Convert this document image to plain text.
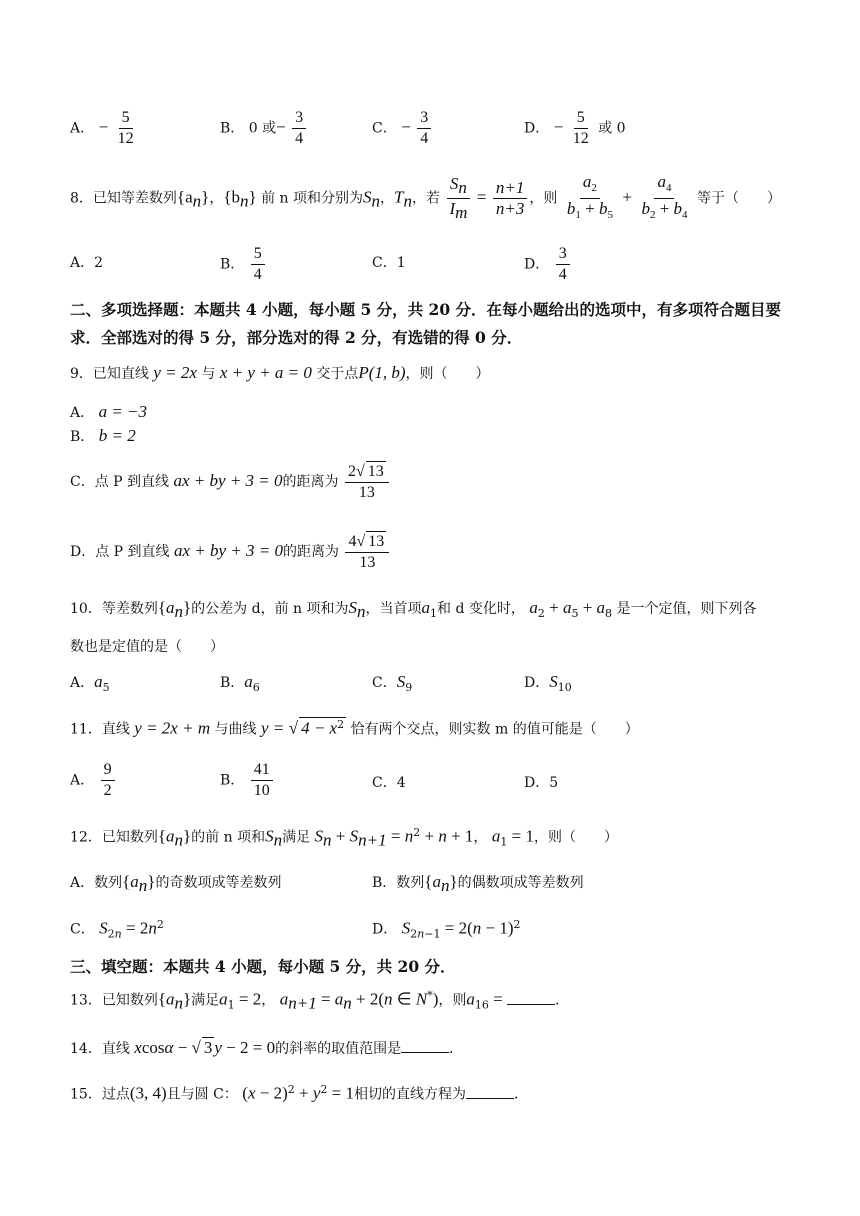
A． − $\frac{5}{12}$	B． 0 或− $\frac{3}{4}$	C． − $\frac{3}{4}$	D． − $\frac{5}{12}$ 或 0
8．已知等差数列$\{a_n\}$，$\{b_n\}$ 前 n 项和分别为$S_n$，$T_n$，若 $\frac{S_n}{I_m} = \frac{n+1}{n+3}$ ，则 $\frac{a_2}{b_1 + b_5} + \frac{a_4}{b_2 + b_4}$ 等于（　　）
A．2	B． $\frac{5}{4}$	C．1	D． $\frac{3}{4}$
二、多项选择题：本题共 4 小题，每小题 5 分，共 20 分．在每小题给出的选项中，有多项符合题目要求．全部选对的得 5 分，部分选对的得 2 分，有选错的得 0 分．
9．已知直线 y = 2x 与 x + y + a = 0 交于点P(1, b)，则（　　）
A． a = −3
B． b = 2
C．点 P 到直线 ax + by + 3 = 0的距离为 $\frac{2√ 13}{13}$
D．点 P 到直线 ax + by + 3 = 0的距离为 $\frac{4√ 13}{13}$
10．等差数列$\{a_n\}$的公差为 d，前 n 项和为$S_n$，当首项$a_1$和 d 变化时， $a_2 + a_5 + a_8$ 是一个定值，则下列各
数也是定值的是（　　）
A．$a_5$	B．$a_6$	C．$S_9$	D．$S_{10}$
11．直线 y = 2x + m 与曲线 y = √ $4 - x^2$ 恰有两个交点，则实数 m 的值可能是（　　）
A． $\frac{9}{2}$	B． $\frac{41}{10}$	C．4	D．5
12．已知数列$\{a_n\}$的前 n 项和$S_n$满足 $S_n + S_{n+1} = n^2 + n + 1$， $a_1 = 1$，则（　　）
A．数列$\{a_n\}$的奇数项成等差数列	B．数列$\{a_n\}$的偶数项成等差数列
C． $S_{2n} = 2n^2$	D． $S_{2n-1} = 2(n - 1)^2$
三、填空题：本题共 4 小题，每小题 5 分，共 20 分．
13．已知数列$\{a_n\}$满足$a_1 = 2$， $a_{n+1} = a_n + 2(n$ ∈ N*)，则$a_{16}$ =	．
14．直线 xcosα − √ 3 y − 2 = 0的斜率的取值范围是	．
15．过点(3, 4)且与圆 C： $(x - 2)^2 + y^2 = 1$相切的直线方程为	．
